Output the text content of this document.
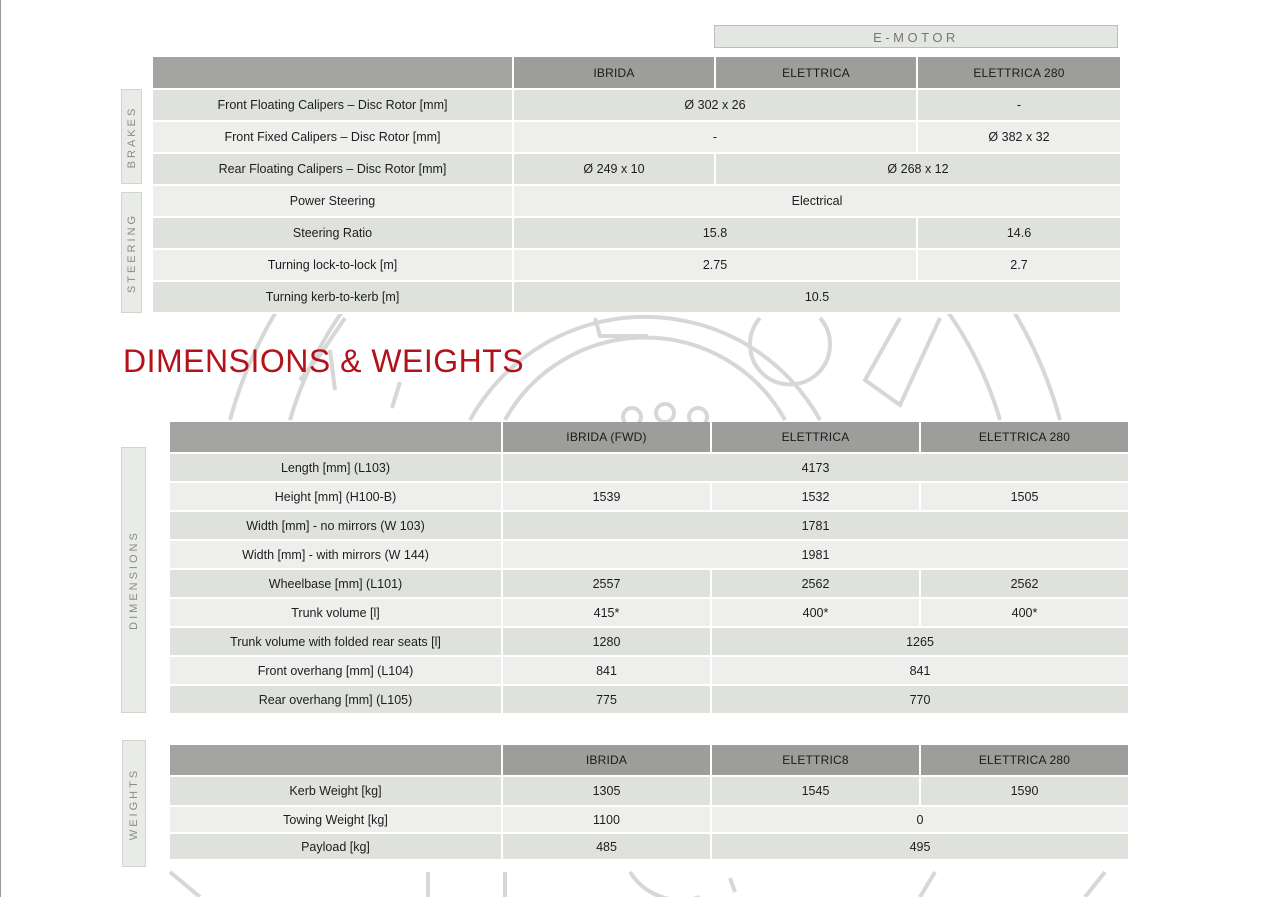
E-MOTOR
BRAKES
STEERING
	IBRIDA	ELETTRICA	ELETTRICA 280
Front Floating Calipers – Disc Rotor [mm]	Ø 302 x 26		-
Front Fixed Calipers – Disc Rotor [mm]	-		Ø 382 x 32
Rear Floating Calipers – Disc Rotor [mm]	Ø 249 x 10	Ø 268 x 12	
Power Steering	Electrical		
Steering Ratio	15.8		14.6
Turning lock-to-lock [m]	2.75		2.7
Turning kerb-to-kerb [m]	10.5		
DIMENSIONS & WEIGHTS
DIMENSIONS
	IBRIDA (FWD)	ELETTRICA	ELETTRICA 280
Length [mm] (L103)	4173		
Height [mm] (H100-B)	1539	1532	1505
Width [mm] - no mirrors (W 103)	1781		
Width [mm] - with mirrors (W 144)	1981		
Wheelbase [mm] (L101)	2557	2562	2562
Trunk volume [l]	415*	400*	400*
Trunk volume with folded rear seats [l]	1280	1265	
Front overhang [mm] (L104)	841	841	
Rear overhang [mm] (L105)	775	770	
WEIGHTS
	IBRIDA	ELETTRIC8	ELETTRICA 280
Kerb Weight [kg]	1305	1545	1590
Towing Weight [kg]	1100	0	
Payload [kg]	485	495	
